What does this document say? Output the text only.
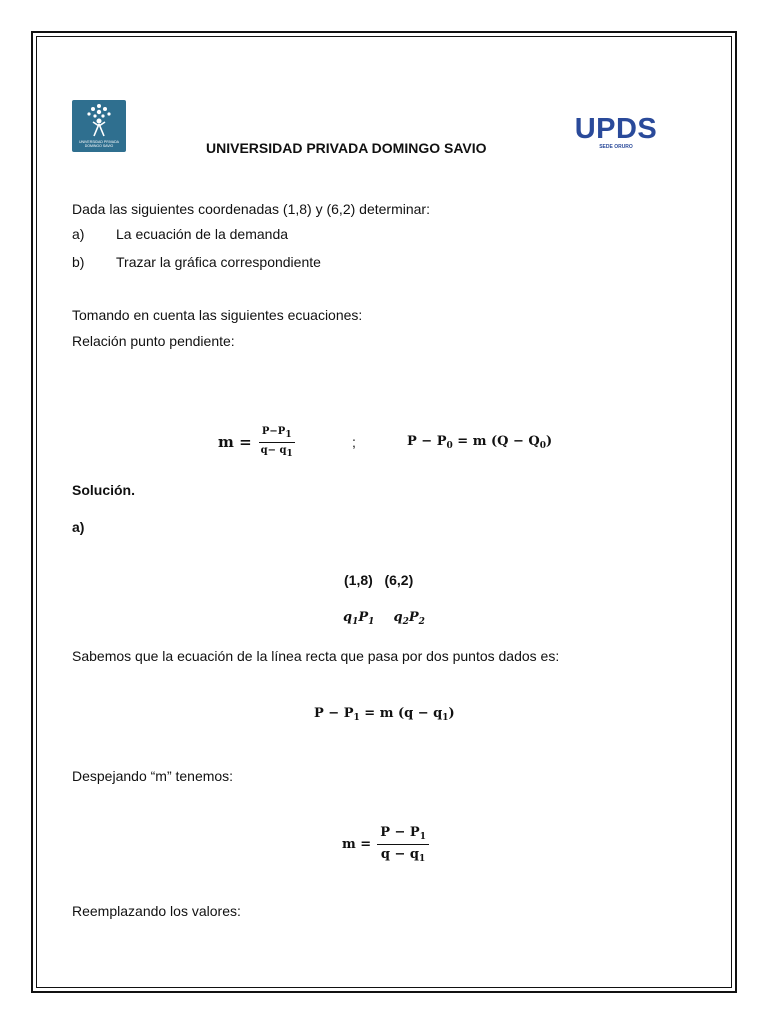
UNIVERSIDAD PRIVADA
DOMINGO SAVIO	UNIVERSIDAD PRIVADA DOMINGO SAVIO
UPDS
SEDE ORURO
Dada las siguientes coordenadas (1,8) y (6,2) determinar:
a) La ecuación de la demanda
b) Trazar la gráfica correspondiente
Tomando en cuenta las siguientes ecuaciones:
Relación punto pendiente:
$m = \frac{P-P_1}{q- q_1}$	;	$P - P_0 = m$ $(Q - Q_0)$
Solución.
a)
(1,8)   (6,2)
$q_1P_1$ $q_2P_2$
Sabemos que la ecuación de la línea recta que pasa por dos puntos dados es:
$P - P_1 = m$ $(q - q_1)$
Despejando “m” tenemos:
$m = \frac{P - P_1}{q - q_1}$
Reemplazando los valores:
